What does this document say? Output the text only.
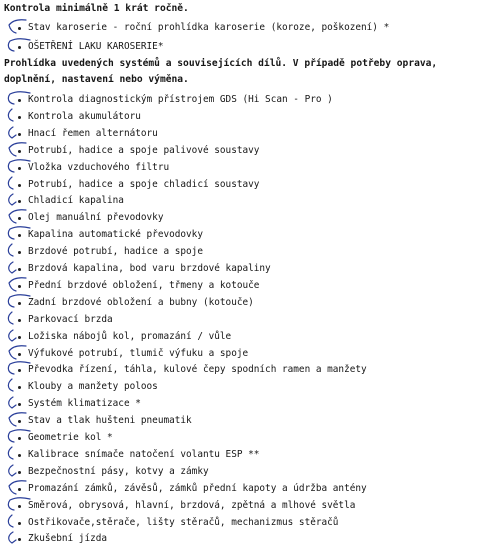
Kontrola minimálně 1 krát ročně.
Stav karoserie - roční prohlídka karoserie (koroze, poškození) *
OŠETŘENÍ LAKU KAROSERIE*
Prohlídka uvedených systémů a souvisejících dílů. V případě potřeby oprava,
doplnění, nastavení nebo výměna.
Kontrola diagnostickým přístrojem GDS (Hi Scan - Pro )
Kontrola akumulátoru
Hnací řemen alternátoru
Potrubí, hadice a spoje palivové soustavy
Vložka vzduchového filtru
Potrubí, hadice a spoje chladicí soustavy
Chladicí kapalina
Olej manuální převodovky
Kapalina automatické převodovky
Brzdové potrubí, hadice a spoje
Brzdová kapalina, bod varu brzdové kapaliny
Přední brzdové obložení, třmeny a kotouče
Zadní brzdové obložení a bubny (kotouče)
Parkovací brzda
Ložiska nábojů kol, promazání / vůle
Výfukové potrubí, tlumič výfuku a spoje
Převodka řízení, táhla, kulové čepy spodních ramen a manžety
Klouby a manžety poloos
Systém klimatizace *
Stav a tlak hušteni pneumatik
Geometrie kol *
Kalibrace snímače natočení volantu ESP **
Bezpečnostní pásy, kotvy a zámky
Promazání zámků, závěsů, zámků přední kapoty a údržba antény
Směrová, obrysová, hlavní, brzdová, zpětná a mlhové světla
Ostřikovače,stěrače, lišty stěračů, mechanizmus stěračů
Zkušební jízda
